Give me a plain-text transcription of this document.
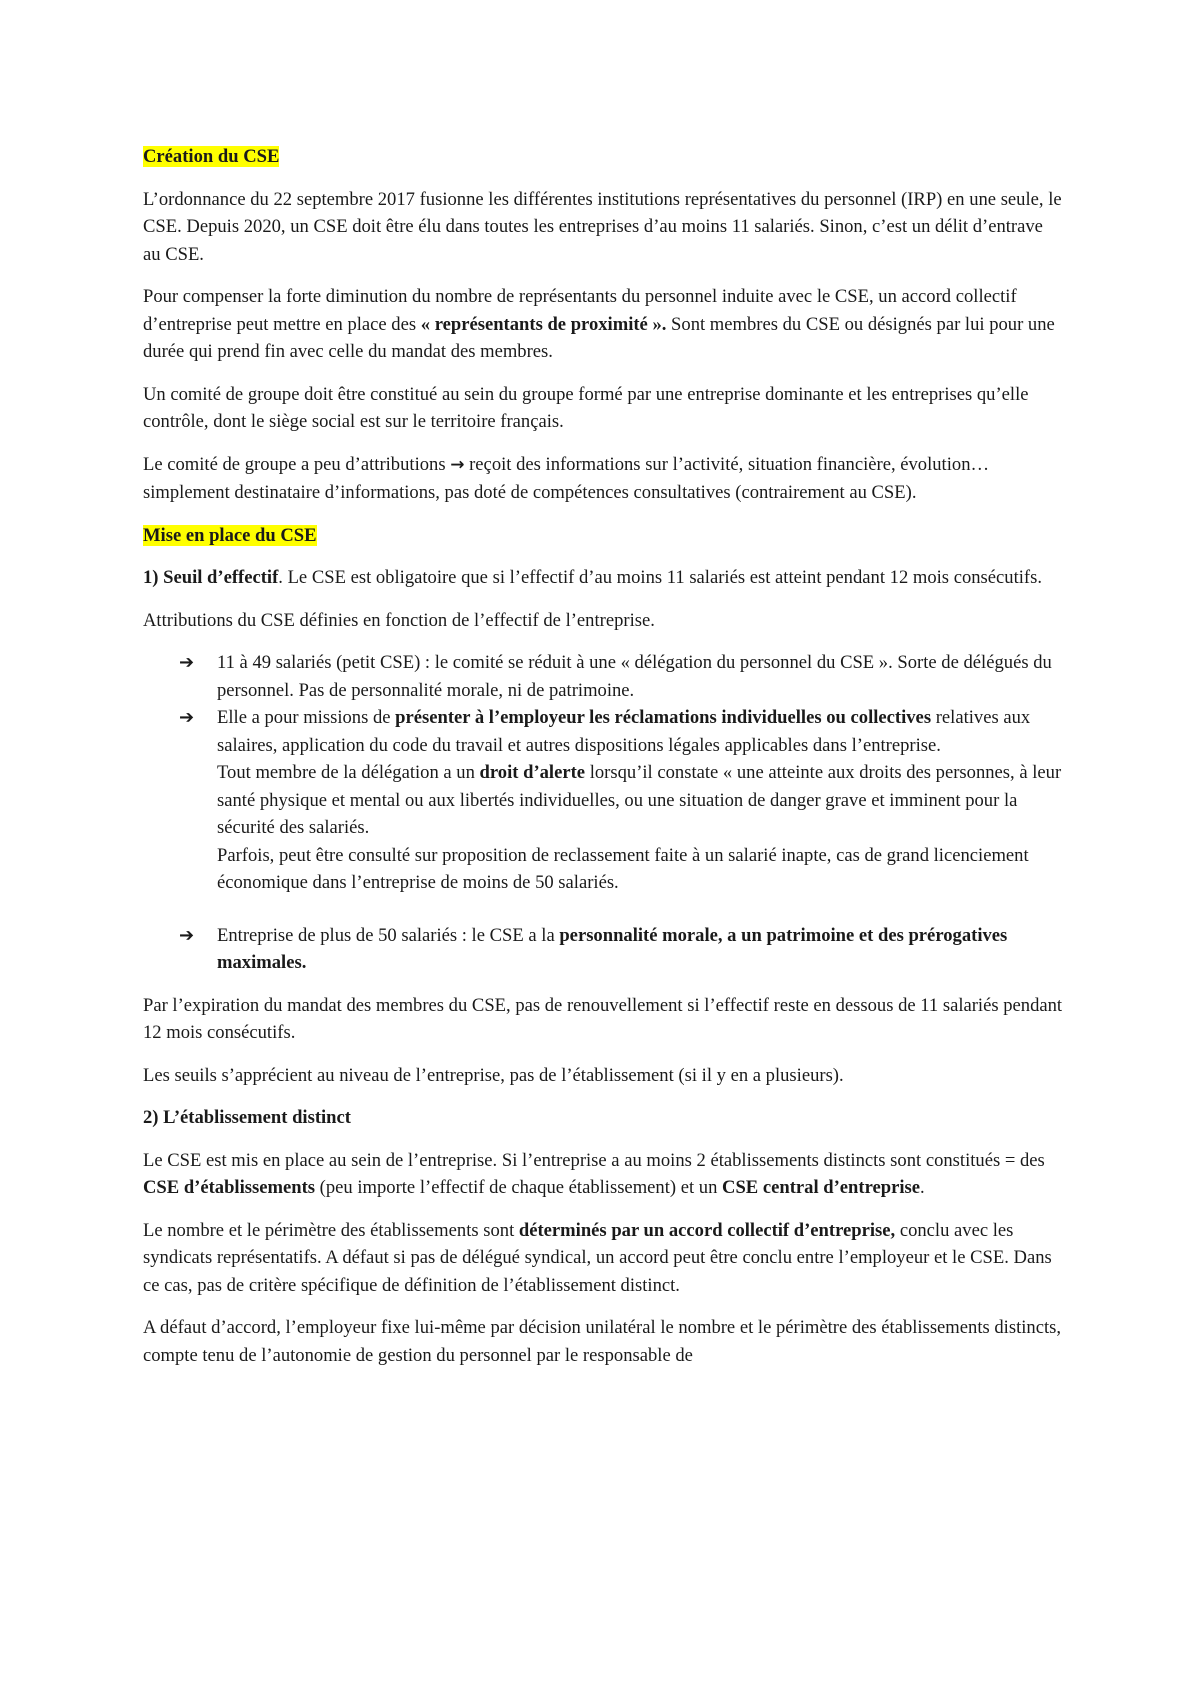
Création du CSE

L’ordonnance du 22 septembre 2017 fusionne les différentes institutions représentatives du personnel (IRP) en une seule, le CSE. Depuis 2020, un CSE doit être élu dans toutes les entreprises d’au moins 11 salariés. Sinon, c’est un délit d’entrave au CSE.

Pour compenser la forte diminution du nombre de représentants du personnel induite avec le CSE, un accord collectif d’entreprise peut mettre en place des « représentants de proximité ». Sont membres du CSE ou désignés par lui pour une durée qui prend fin avec celle du mandat des membres.

Un comité de groupe doit être constitué au sein du groupe formé par une entreprise dominante et les entreprises qu’elle contrôle, dont le siège social est sur le territoire français.

Le comité de groupe a peu d’attributions → reçoit des informations sur l’activité, situation financière, évolution… simplement destinataire d’informations, pas doté de compétences consultatives (contrairement au CSE).

Mise en place du CSE

1) Seuil d’effectif. Le CSE est obligatoire que si l’effectif d’au moins 11 salariés est atteint pendant 12 mois consécutifs.

Attributions du CSE définies en fonction de l’effectif de l’entreprise.

➔	11 à 49 salariés (petit CSE) : le comité se réduit à une « délégation du personnel du CSE ». Sorte de délégués du personnel. Pas de personnalité morale, ni de patrimoine.
➔	Elle a pour missions de présenter à l’employeur les réclamations individuelles ou collectives relatives aux salaires, application du code du travail et autres dispositions légales applicables dans l’entreprise.
Tout membre de la délégation a un droit d’alerte lorsqu’il constate « une atteinte aux droits des personnes, à leur santé physique et mental ou aux libertés individuelles, ou une situation de danger grave et imminent pour la sécurité des salariés.
Parfois, peut être consulté sur proposition de reclassement faite à un salarié inapte, cas de grand licenciement économique dans l’entreprise de moins de 50 salariés.
➔	Entreprise de plus de 50 salariés : le CSE a la personnalité morale, a un patrimoine et des prérogatives maximales.

Par l’expiration du mandat des membres du CSE, pas de renouvellement si l’effectif reste en dessous de 11 salariés pendant 12 mois consécutifs.

Les seuils s’apprécient au niveau de l’entreprise, pas de l’établissement (si il y en a plusieurs).

2) L’établissement distinct

Le CSE est mis en place au sein de l’entreprise. Si l’entreprise a au moins 2 établissements distincts sont constitués = des CSE d’établissements (peu importe l’effectif de chaque établissement) et un CSE central d’entreprise.

Le nombre et le périmètre des établissements sont déterminés par un accord collectif d’entreprise, conclu avec les syndicats représentatifs. A défaut si pas de délégué syndical, un accord peut être conclu entre l’employeur et le CSE. Dans ce cas, pas de critère spécifique de définition de l’établissement distinct.

A défaut d’accord, l’employeur fixe lui-même par décision unilatéral le nombre et le périmètre des établissements distincts, compte tenu de l’autonomie de gestion du personnel par le responsable de
